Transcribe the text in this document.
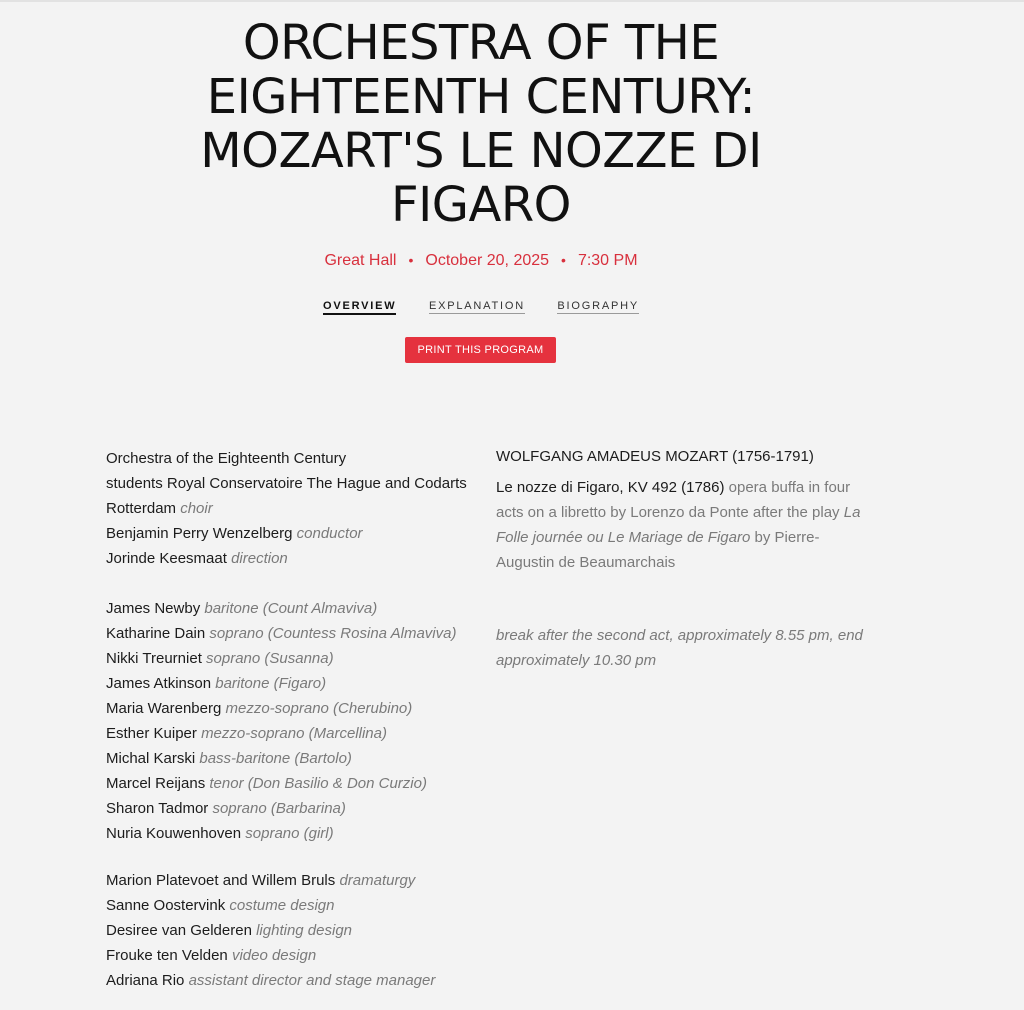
ORCHESTRA OF THE EIGHTEENTH CENTURY: MOZART'S LE NOZZE DI FIGARO
Great Hall • October 20, 2025 • 7:30 PM
OVERVIEW	EXPLANATION	BIOGRAPHY
PRINT THIS PROGRAM
Orchestra of the Eighteenth Century
students Royal Conservatoire The Hague and Codarts Rotterdam choir
Benjamin Perry Wenzelberg conductor
Jorinde Keesmaat direction
James Newby baritone (Count Almaviva)
Katharine Dain soprano (Countess Rosina Almaviva)
Nikki Treurniet soprano (Susanna)
James Atkinson baritone (Figaro)
Maria Warenberg mezzo-soprano (Cherubino)
Esther Kuiper mezzo-soprano (Marcellina)
Michal Karski bass-baritone (Bartolo)
Marcel Reijans tenor (Don Basilio & Don Curzio)
Sharon Tadmor soprano (Barbarina)
Nuria Kouwenhoven soprano (girl)
Marion Platevoet and Willem Bruls dramaturgy
Sanne Oostervink costume design
Desiree van Gelderen lighting design
Frouke ten Velden video design
Adriana Rio assistant director and stage manager

WOLFGANG AMADEUS MOZART (1756-1791)

Le nozze di Figaro, KV 492 (1786) opera buffa in four acts on a libretto by Lorenzo da Ponte after the play La Folle journée ou Le Mariage de Figaro by Pierre-Augustin de Beaumarchais
break after the second act, approximately 8.55 pm, end approximately 10.30 pm
